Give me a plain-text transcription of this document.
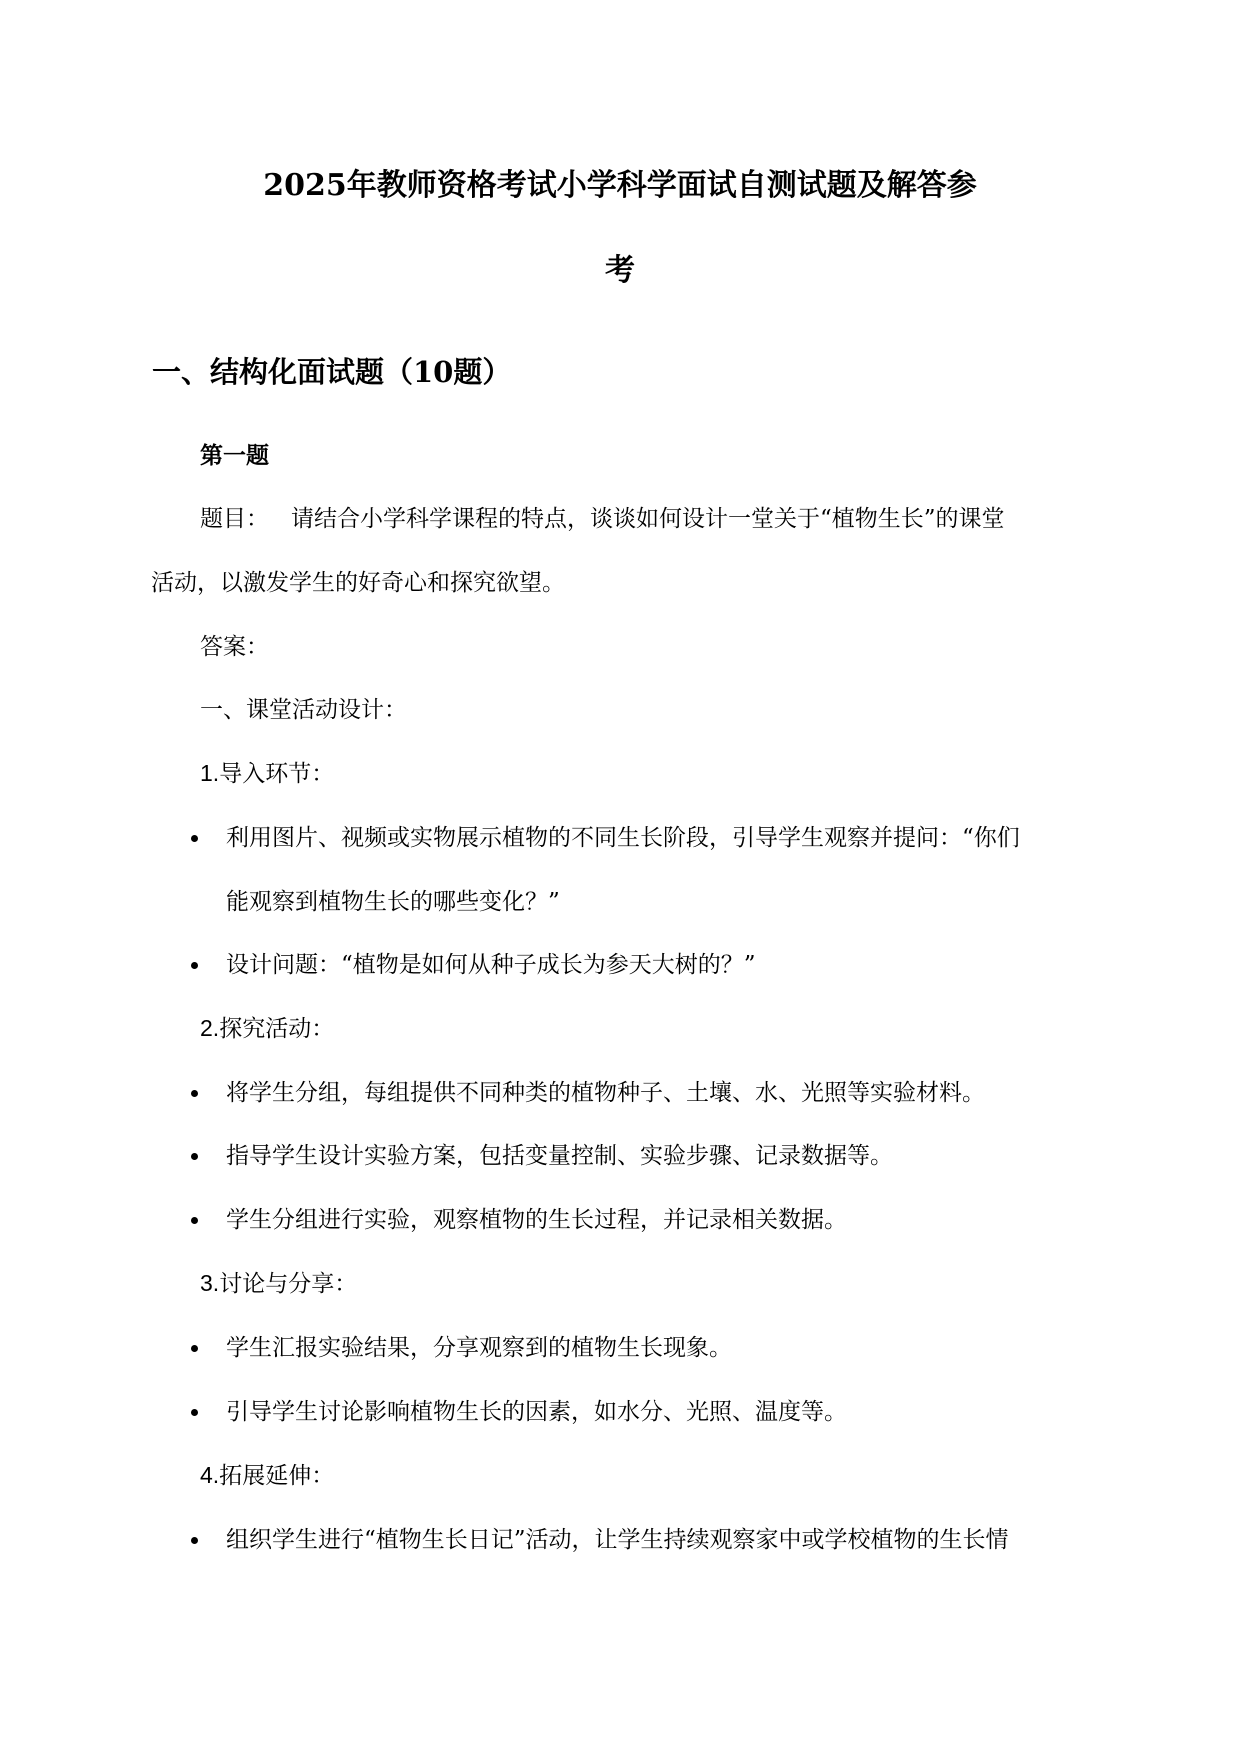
2025年教师资格考试小学科学面试自测试题及解答参
考
一、结构化面试题（10题）

第一题

题目： 请结合小学科学课程的特点，谈谈如何设计一堂关于“植物生长”的课堂

活动，以激发学生的好奇心和探究欲望。

答案：

一、课堂活动设计：

1.导入环节：

利用图片、视频或实物展示植物的不同生长阶段，引导学生观察并提问：“你们

能观察到植物生长的哪些变化？”

设计问题：“植物是如何从种子成长为参天大树的？”

2.探究活动：

将学生分组，每组提供不同种类的植物种子、土壤、水、光照等实验材料。

指导学生设计实验方案，包括变量控制、实验步骤、记录数据等。

学生分组进行实验，观察植物的生长过程，并记录相关数据。

3.讨论与分享：

学生汇报实验结果，分享观察到的植物生长现象。

引导学生讨论影响植物生长的因素，如水分、光照、温度等。

4.拓展延伸：

组织学生进行“植物生长日记”活动，让学生持续观察家中或学校植物的生长情
